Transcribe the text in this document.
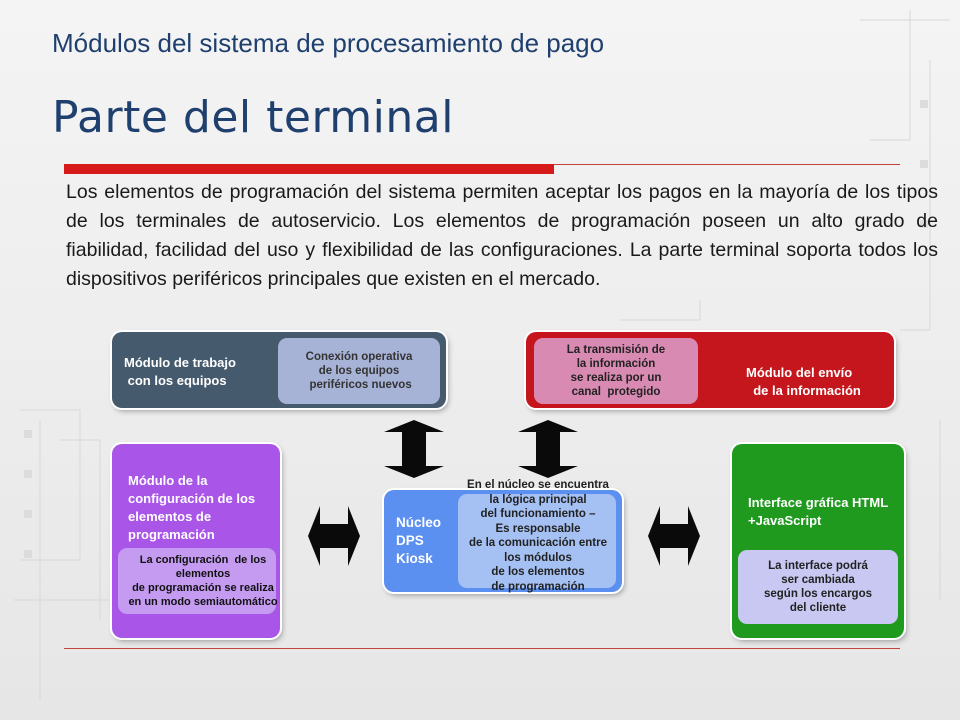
Módulos del sistema de procesamiento de pago
Parte del terminal
Los elementos de programación del sistema permiten aceptar los pagos en la mayoría de los tipos de los terminales de autoservicio. Los elementos de programación poseen un alto grado de fiabilidad, facilidad del uso y flexibilidad de las configuraciones. La parte terminal soporta todos los dispositivos periféricos principales que existen en el mercado.
Módulo de trabajo
con los equipos
Conexión operativa
de los equipos
periféricos nuevos
La transmisión de
la información
se realiza por un
canal  protegido
Módulo del envío
de la información
Módulo de la
configuración de los
elementos de
programación
La configuración  de los
elementos
de programación se realiza
en un modo semiautomático
Núcleo
DPS
Kiosk
En el núcleo se encuentra
la lógica principal
del funcionamiento –
Es responsable
de la comunicación entre
los módulos
de los elementos
de programación
Interface gráfica HTML
+JavaScript
La interface podrá
ser cambiada
según los encargos
del cliente
